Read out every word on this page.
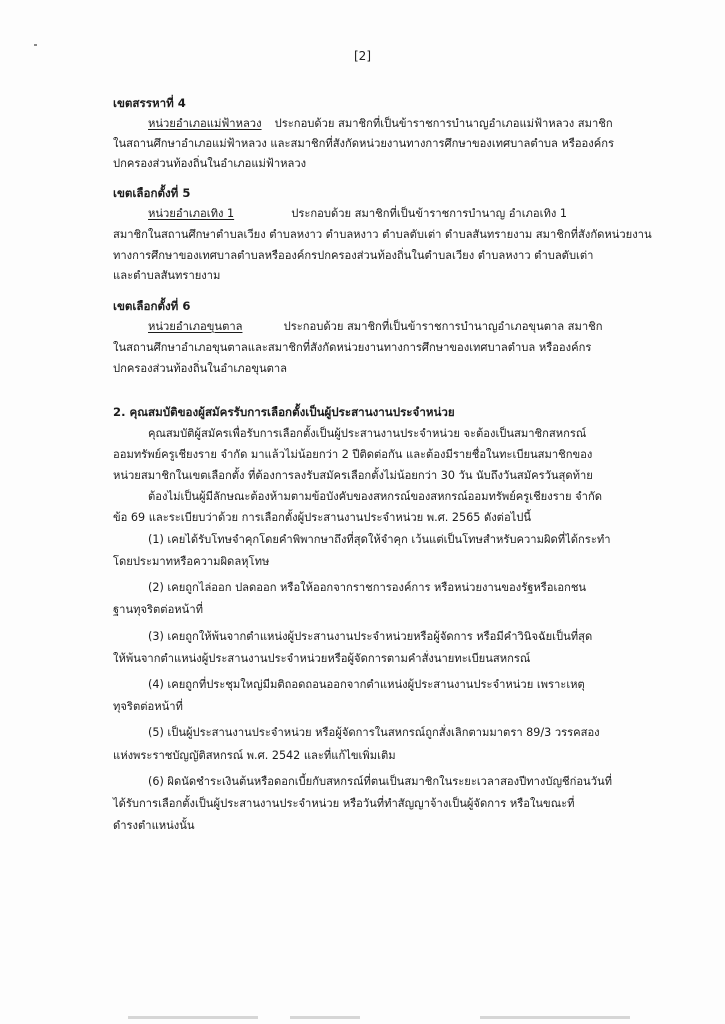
[2]
เขตสรรหาที่ 4
หน่วยอำเภอแม่ฟ้าหลวง ประกอบด้วย สมาชิกที่เป็นข้าราชการบำนาญอำเภอแม่ฟ้าหลวง สมาชิก
ในสถานศึกษาอำเภอแม่ฟ้าหลวง และสมาชิกที่สังกัดหน่วยงานทางการศึกษาของเทศบาลตำบล หรือองค์กร
ปกครองส่วนท้องถิ่นในอำเภอแม่ฟ้าหลวง
เขตเลือกตั้งที่ 5
หน่วยอำเภอเทิง 1	ประกอบด้วย สมาชิกที่เป็นข้าราชการบำนาญ อำเภอเทิง 1
สมาชิกในสถานศึกษาตำบลเวียง ตำบลหงาว ตำบลหงาว ตำบลตับเต่า ตำบลสันทรายงาม สมาชิกที่สังกัดหน่วยงาน
ทางการศึกษาของเทศบาลตำบลหรือองค์กรปกครองส่วนท้องถิ่นในตำบลเวียง ตำบลหงาว ตำบลตับเต่า
และตำบลสันทรายงาม
เขตเลือกตั้งที่ 6
หน่วยอำเภอขุนตาล	ประกอบด้วย สมาชิกที่เป็นข้าราชการบำนาญอำเภอขุนตาล สมาชิก
ในสถานศึกษาอำเภอขุนตาลและสมาชิกที่สังกัดหน่วยงานทางการศึกษาของเทศบาลตำบล หรือองค์กร
ปกครองส่วนท้องถิ่นในอำเภอขุนตาล
2. คุณสมบัติของผู้สมัครรับการเลือกตั้งเป็นผู้ประสานงานประจำหน่วย
คุณสมบัติผู้สมัครเพื่อรับการเลือกตั้งเป็นผู้ประสานงานประจำหน่วย จะต้องเป็นสมาชิกสหกรณ์
ออมทรัพย์ครูเชียงราย จำกัด มาแล้วไม่น้อยกว่า 2 ปีติดต่อกัน และต้องมีรายชื่อในทะเบียนสมาชิกของ
หน่วยสมาชิกในเขตเลือกตั้ง ที่ต้องการลงรับสมัครเลือกตั้งไม่น้อยกว่า 30 วัน นับถึงวันสมัครวันสุดท้าย
ต้องไม่เป็นผู้มีลักษณะต้องห้ามตามข้อบังคับของสหกรณ์ของสหกรณ์ออมทรัพย์ครูเชียงราย จำกัด
ข้อ 69 และระเบียบว่าด้วย การเลือกตั้งผู้ประสานงานประจำหน่วย พ.ศ. 2565 ดังต่อไปนี้
(1) เคยได้รับโทษจำคุกโดยคำพิพากษาถึงที่สุดให้จำคุก เว้นแต่เป็นโทษสำหรับความผิดที่ได้กระทำ
โดยประมาทหรือความผิดลหุโทษ
(2) เคยถูกไล่ออก ปลดออก หรือให้ออกจากราชการองค์การ หรือหน่วยงานของรัฐหรือเอกชน
ฐานทุจริตต่อหน้าที่
(3) เคยถูกให้พ้นจากตำแหน่งผู้ประสานงานประจำหน่วยหรือผู้จัดการ หรือมีคำวินิจฉัยเป็นที่สุด
ให้พ้นจากตำแหน่งผู้ประสานงานประจำหน่วยหรือผู้จัดการตามคำสั่งนายทะเบียนสหกรณ์
(4) เคยถูกที่ประชุมใหญ่มีมติถอดถอนออกจากตำแหน่งผู้ประสานงานประจำหน่วย เพราะเหตุ
ทุจริตต่อหน้าที่
(5) เป็นผู้ประสานงานประจำหน่วย หรือผู้จัดการในสหกรณ์ถูกสั่งเลิกตามมาตรา 89/3 วรรคสอง
แห่งพระราชบัญญัติสหกรณ์ พ.ศ. 2542 และที่แก้ไขเพิ่มเติม
(6) ผิดนัดชำระเงินต้นหรือดอกเบี้ยกับสหกรณ์ที่ตนเป็นสมาชิกในระยะเวลาสองปีทางบัญชีก่อนวันที่
ได้รับการเลือกตั้งเป็นผู้ประสานงานประจำหน่วย หรือวันที่ทำสัญญาจ้างเป็นผู้จัดการ หรือในขณะที่
ดำรงตำแหน่งนั้น
